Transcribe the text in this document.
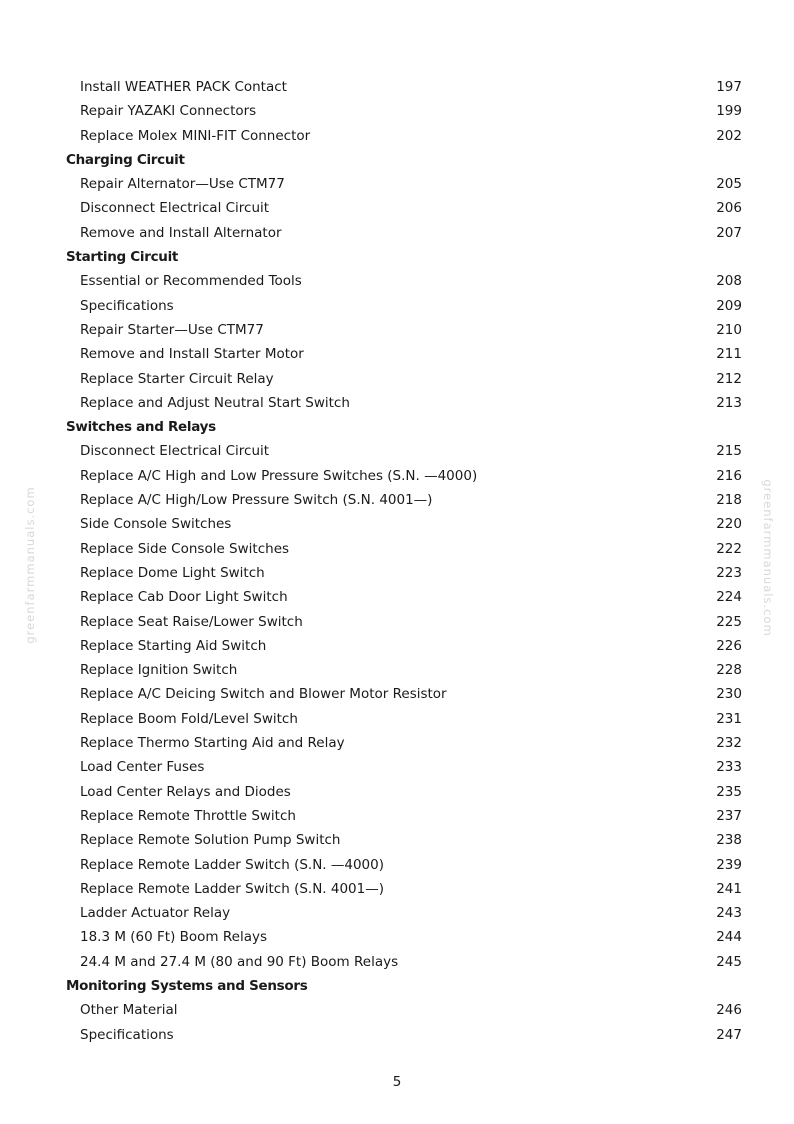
greenfarmmanuals.com	greenfarmmanuals.com
Install WEATHER PACK Contact	197
Repair YAZAKI Connectors	199
Replace Molex MINI-FIT Connector	202
Charging Circuit
Repair Alternator—Use CTM77	205
Disconnect Electrical Circuit	206
Remove and Install Alternator	207
Starting Circuit
Essential or Recommended Tools	208
Specifications	209
Repair Starter—Use CTM77	210
Remove and Install Starter Motor	211
Replace Starter Circuit Relay	212
Replace and Adjust Neutral Start Switch	213
Switches and Relays
Disconnect Electrical Circuit	215
Replace A/C High and Low Pressure Switches (S.N. —4000)	216
Replace A/C High/Low Pressure Switch (S.N. 4001—)	218
Side Console Switches	220
Replace Side Console Switches	222
Replace Dome Light Switch	223
Replace Cab Door Light Switch	224
Replace Seat Raise/Lower Switch	225
Replace Starting Aid Switch	226
Replace Ignition Switch	228
Replace A/C Deicing Switch and Blower Motor Resistor	230
Replace Boom Fold/Level Switch	231
Replace Thermo Starting Aid and Relay	232
Load Center Fuses	233
Load Center Relays and Diodes	235
Replace Remote Throttle Switch	237
Replace Remote Solution Pump Switch	238
Replace Remote Ladder Switch (S.N. —4000)	239
Replace Remote Ladder Switch (S.N. 4001—)	241
Ladder Actuator Relay	243
18.3 M (60 Ft) Boom Relays	244
24.4 M and 27.4 M (80 and 90 Ft) Boom Relays	245
Monitoring Systems and Sensors
Other Material	246
Specifications	247
5
